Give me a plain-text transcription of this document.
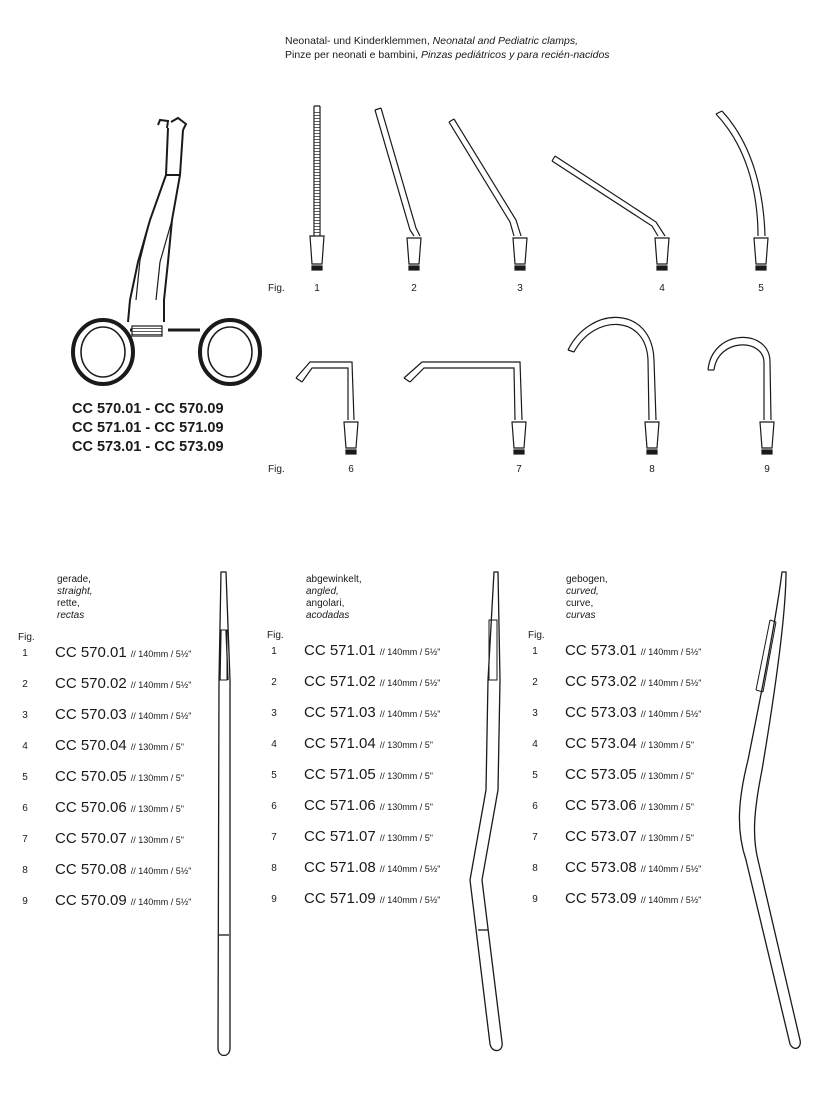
Neonatal- und Kinderklemmen, Neonatal and Pediatric clamps,
Pinze per neonati e bambini, Pinzas pediátricos y para recién-nacidos
Fig.	1	2	3	4	5
Fig.	6	7	8	9
CC 570.01 - CC 570.09
CC 571.01 - CC 571.09
CC 573.01 - CC 573.09
gerade,
straight,
rette,
rectas
Fig.
1 CC 570.01 // 140mm / 5½"
2 CC 570.02 // 140mm / 5½"
3 CC 570.03 // 140mm / 5½"
4 CC 570.04 // 130mm / 5"
5 CC 570.05 // 130mm / 5"
6 CC 570.06 // 130mm / 5"
7 CC 570.07 // 130mm / 5"
8 CC 570.08 // 140mm / 5½"
9 CC 570.09 // 140mm / 5½"
abgewinkelt,
angled,
angolari,
acodadas
Fig.
1 CC 571.01 // 140mm / 5½"
2 CC 571.02 // 140mm / 5½"
3 CC 571.03 // 140mm / 5½"
4 CC 571.04 // 130mm / 5"
5 CC 571.05 // 130mm / 5"
6 CC 571.06 // 130mm / 5"
7 CC 571.07 // 130mm / 5"
8 CC 571.08 // 140mm / 5½"
9 CC 571.09 // 140mm / 5½"
gebogen,
curved,
curve,
curvas
Fig.
1 CC 573.01 // 140mm / 5½"
2 CC 573.02 // 140mm / 5½"
3 CC 573.03 // 140mm / 5½"
4 CC 573.04 // 130mm / 5"
5 CC 573.05 // 130mm / 5"
6 CC 573.06 // 130mm / 5"
7 CC 573.07 // 130mm / 5"
8 CC 573.08 // 140mm / 5½"
9 CC 573.09 // 140mm / 5½"
